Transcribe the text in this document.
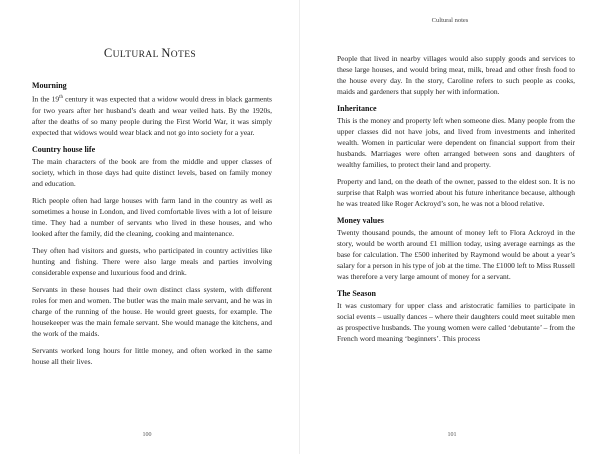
CULTURAL NOTES
Mourning

In the 19th century it was expected that a widow would dress in black garments for two years after her husband’s death and wear veiled hats. By the 1920s, after the deaths of so many people during the First World War, it was simply expected that widows would wear black and not go into society for a year.

Country house life

The main characters of the book are from the middle and upper classes of society, which in those days had quite distinct levels, based on family money and education.

Rich people often had large houses with farm land in the country as well as sometimes a house in London, and lived comfortable lives with a lot of leisure time. They had a number of servants who lived in these houses, and who looked after the family, did the cleaning, cooking and maintenance.

They often had visitors and guests, who participated in country activities like hunting and fishing. There were also large meals and parties involving considerable expense and luxurious food and drink.

Servants in these houses had their own distinct class system, with different roles for men and women. The butler was the main male servant, and he was in charge of the running of the house. He would greet guests, for example. The housekeeper was the main female servant. She would manage the kitchens, and the work of the maids.

Servants worked long hours for little money, and often worked in the same house all their lives.

100
Cultural notes

People that lived in nearby villages would also supply goods and services to these large houses, and would bring meat, milk, bread and other fresh food to the house every day. In the story, Caroline refers to such people as cooks, maids and gardeners that supply her with information.

Inheritance

This is the money and property left when someone dies. Many people from the upper classes did not have jobs, and lived from investments and inherited wealth. Women in particular were dependent on financial support from their husbands. Marriages were often arranged between sons and daughters of wealthy families, to protect their land and property.

Property and land, on the death of the owner, passed to the eldest son. It is no surprise that Ralph was worried about his future inheritance because, although he was treated like Roger Ackroyd’s son, he was not a blood relative.

Money values

Twenty thousand pounds, the amount of money left to Flora Ackroyd in the story, would be worth around £1 million today, using average earnings as the base for calculation. The £500 inherited by Raymond would be about a year’s salary for a person in his type of job at the time. The £1000 left to Miss Russell was therefore a very large amount of money for a servant.

The Season

It was customary for upper class and aristocratic families to participate in social events – usually dances – where their daughters could meet suitable men as prospective husbands. The young women were called ‘debutante’ – from the French word meaning ‘beginners’. This process

101
